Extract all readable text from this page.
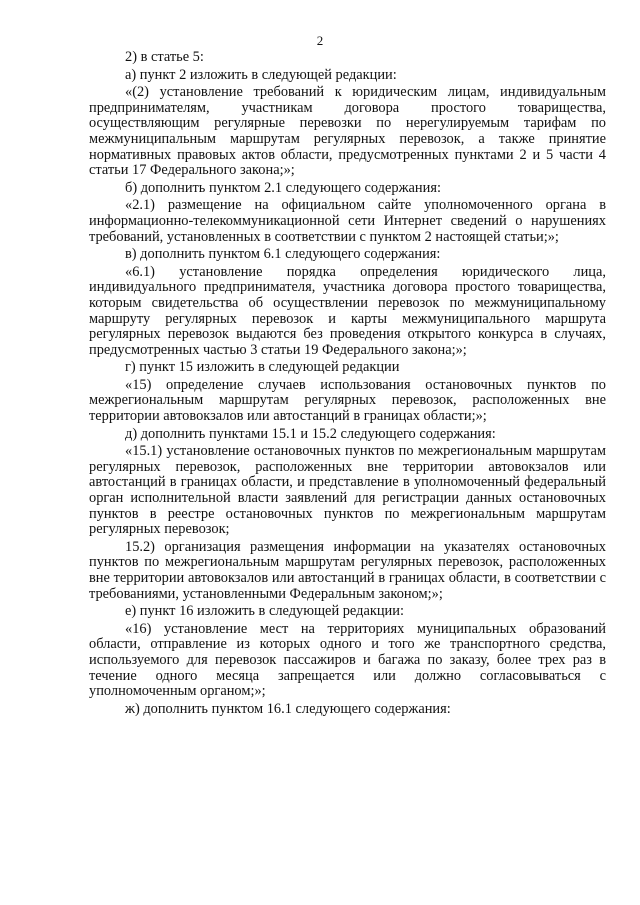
2

2) в статье 5:

а) пункт 2 изложить в следующей редакции:

«(2) установление требований к юридическим лицам, индивидуальным предпринимателям, участникам договора простого товарищества, осуществляющим регулярные перевозки по нерегулируемым тарифам по межмуниципальным маршрутам регулярных перевозок, а также принятие нормативных правовых актов области, предусмотренных пунктами 2 и 5 части 4 статьи 17 Федерального закона;»;

б) дополнить пунктом 2.1 следующего содержания:

«2.1) размещение на официальном сайте уполномоченного органа в информационно-телекоммуникационной сети Интернет сведений о нарушениях требований, установленных в соответствии с пунктом 2 настоящей статьи;»;

в) дополнить пунктом 6.1 следующего содержания:

«6.1) установление порядка определения юридического лица, индивидуального предпринимателя, участника договора простого товарищества, которым свидетельства об осуществлении перевозок по межмуниципальному маршруту регулярных перевозок и карты межмуниципального маршрута регулярных перевозок выдаются без проведения открытого конкурса в случаях, предусмотренных частью 3 статьи 19 Федерального закона;»;

г) пункт 15 изложить в следующей редакции

«15) определение случаев использования остановочных пунктов по межрегиональным маршрутам регулярных перевозок, расположенных вне территории автовокзалов или автостанций в границах области;»;

д) дополнить пунктами 15.1 и 15.2 следующего содержания:

«15.1) установление остановочных пунктов по межрегиональным маршрутам регулярных перевозок, расположенных вне территории автовокзалов или автостанций в границах области, и представление в уполномоченный федеральный орган исполнительной власти заявлений для регистрации данных остановочных пунктов в реестре остановочных пунктов по межрегиональным маршрутам регулярных перевозок;

15.2) организация размещения информации на указателях остановочных пунктов по межрегиональным маршрутам регулярных перевозок, расположенных вне территории автовокзалов или автостанций в границах области, в соответствии с требованиями, установленными Федеральным законом;»;

е) пункт 16 изложить в следующей редакции:

«16) установление мест на территориях муниципальных образований области, отправление из которых одного и того же транспортного средства, используемого для перевозок пассажиров и багажа по заказу, более трех раз в течение одного месяца запрещается или должно согласовываться с уполномоченным органом;»;

ж) дополнить пунктом 16.1 следующего содержания:
